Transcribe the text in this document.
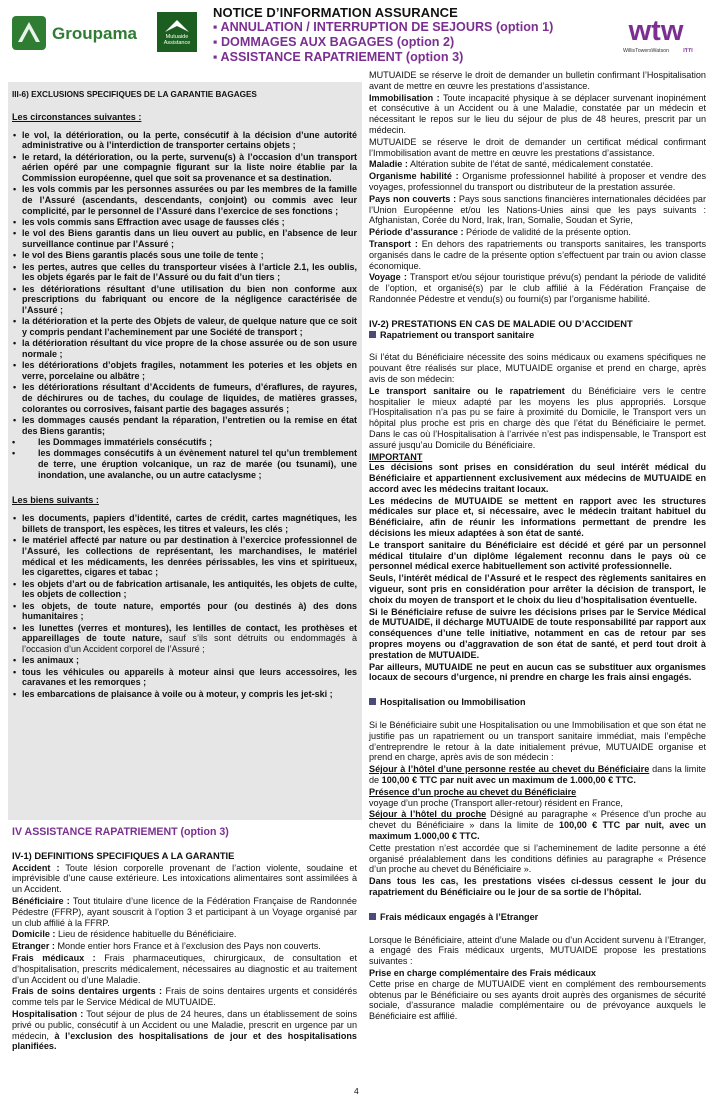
Groupama	Mutuaide
Assistance	wtw
WillisTowersWatson	I′I′I′I
NOTICE D’INFORMATION ASSURANCE
▪ ANNULATION / INTERRUPTION DE SEJOURS (option 1)
▪ DOMMAGES AUX BAGAGES (option 2)
▪ ASSISTANCE RAPATRIEMENT (option 3)
III-6) EXCLUSIONS SPECIFIQUES DE LA GARANTIE BAGAGES
Les circonstances suivantes :
• le vol, la détérioration, ou la perte, consécutif à la décision d’une autorité administrative ou à l’interdiction de transporter certains objets ;
• le retard, la détérioration, ou la perte, survenu(s) à l’occasion d’un transport aérien opéré par une compagnie figurant sur la liste noire établie par la Commission européenne, quel que soit sa provenance et sa destination.
• les vols commis par les personnes assurées ou par les membres de la famille de l’Assuré (ascendants, descendants, conjoint) ou commis avec leur complicité, par le personnel de l’Assuré dans l’exercice de ses fonctions ;
• les vols commis sans Effraction avec usage de fausses clés ;
• le vol des Biens garantis dans un lieu ouvert au public, en l’absence de leur surveillance continue par l’Assuré ;
• le vol des Biens garantis placés sous une toile de tente ;
• les pertes, autres que celles du transporteur visées à l’article 2.1, les oublis, les objets égarés par le fait de l’Assuré ou du fait d’un tiers ;
• les détériorations résultant d’une utilisation du bien non conforme aux prescriptions du fabriquant ou encore de la négligence caractérisée de l’Assuré ;
• la détérioration et la perte des Objets de valeur, de quelque nature que ce soit y compris pendant l’acheminement par une Société de transport ;
• la détérioration résultant du vice propre de la chose assurée ou de son usure normale ;
• les détériorations d’objets fragiles, notamment les poteries et les objets en verre, porcelaine ou albâtre ;
• les détériorations résultant d’Accidents de fumeurs, d’éraflures, de rayures, de déchirures ou de taches, du coulage de liquides, de matières grasses, colorantes ou corrosives, faisant partie des bagages assurés ;
• les dommages causés pendant la réparation, l’entretien ou la remise en état des Biens garantis;
• les Dommages immatériels consécutifs ;
• les dommages consécutifs à un évènement naturel tel qu’un tremblement de terre, une éruption volcanique, un raz de marée (ou tsunami), une inondation, une avalanche, ou un autre cataclysme ;
Les biens suivants :
• les documents, papiers d’identité, cartes de crédit, cartes magnétiques, les billets de transport, les espèces, les titres et valeurs, les clés ;
• le matériel affecté par nature ou par destination à l’exercice professionnel de l’Assuré, les collections de représentant, les marchandises, le matériel médical et les médicaments, les denrées périssables, les vins et spiritueux, les cigarettes, cigares et tabac ;
• les objets d’art ou de fabrication artisanale, les antiquités, les objets de culte, les objets de collection ;
• les objets, de toute nature, emportés pour (ou destinés à) des dons humanitaires ;
• les lunettes (verres et montures), les lentilles de contact, les prothèses et appareillages de toute nature, sauf s’ils sont détruits ou endommagés à l’occasion d’un Accident corporel de l’Assuré ;
• les animaux ;
• tous les véhicules ou appareils à moteur ainsi que leurs accessoires, les caravanes et les remorques ;
• les embarcations de plaisance à voile ou à moteur, y compris les jet-ski ;
IV ASSISTANCE RAPATRIEMENT (option 3)
IV-1) DEFINITIONS SPECIFIQUES A LA GARANTIE
Accident : Toute lésion corporelle provenant de l’action violente, soudaine et imprévisible d’une cause extérieure. Les intoxications alimentaires sont assimilées à un Accident.
Bénéficiaire : Tout titulaire d’une licence de la Fédération Française de Randonnée Pédestre (FFRP), ayant souscrit à l’option 3 et participant à un Voyage organisé par un club affilié à la FFRP.
Domicile : Lieu de résidence habituelle du Bénéficiaire.
Etranger : Monde entier hors France et à l’exclusion des Pays non couverts.
Frais médicaux : Frais pharmaceutiques, chirurgicaux, de consultation et d’hospitalisation, prescrits médicalement, nécessaires au diagnostic et au traitement d’un Accident ou d’une Maladie.
Frais de soins dentaires urgents : Frais de soins dentaires urgents et considérés comme tels par le Service Médical de MUTUAIDE.
Hospitalisation : Tout séjour de plus de 24 heures, dans un établissement de soins privé ou public, consécutif à un Accident ou une Maladie, prescrit en urgence par un médecin, à l’exclusion des hospitalisations de jour et des hospitalisations planifiées.
MUTUAIDE se réserve le droit de demander un bulletin confirmant l’Hospitalisation avant de mettre en œuvre les prestations d’assistance.
Immobilisation : Toute incapacité physique à se déplacer survenant inopinément et consécutive à un Accident ou à une Maladie, constatée par un médecin et nécessitant le repos sur le lieu du séjour de plus de 48 heures, prescrit par un médecin.
MUTUAIDE se réserve le droit de demander un certificat médical confirmant l’Immobilisation avant de mettre en œuvre les prestations d’assistance.
Maladie : Altération subite de l’état de santé, médicalement constatée.
Organisme habilité : Organisme professionnel habilité à proposer et vendre des voyages, professionnel du transport ou distributeur de la prestation assurée.
Pays non couverts : Pays sous sanctions financières internationales décidées par l’Union Européenne et/ou les Nations-Unies ainsi que les pays suivants : Afghanistan, Corée du Nord, Irak, Iran, Somalie, Soudan et Syrie,
Période d’assurance : Période de validité de la présente option.
Transport : En dehors des rapatriements ou transports sanitaires, les transports organisés dans le cadre de la présente option s’effectuent par train ou avion classe économique.
Voyage : Transport et/ou séjour touristique prévu(s) pendant la période de validité de l’option, et organisé(s) par le club affilié à la Fédération Française de Randonnée Pédestre et vendu(s) ou fourni(s) par l’organisme habilité.
IV-2) PRESTATIONS EN CAS DE MALADIE OU D’ACCIDENT
Rapatriement ou transport sanitaire
Si l’état du Bénéficiaire nécessite des soins médicaux ou examens spécifiques ne pouvant être réalisés sur place, MUTUAIDE organise et prend en charge, après avis de son médecin:
Le transport sanitaire ou le rapatriement du Bénéficiaire vers le centre hospitalier le mieux adapté par les moyens les plus appropriés. Lorsque l’Hospitalisation n’a pas pu se faire à proximité du Domicile, le Transport vers un hôpital plus proche est pris en charge dès que l’état du Bénéficiaire le permet. Dans le cas où l’Hospitalisation à l’arrivée n’est pas indispensable, le Transport est assuré jusqu’au Domicile du Bénéficiaire.
IMPORTANT
Les décisions sont prises en considération du seul intérêt médical du Bénéficiaire et appartiennent exclusivement aux médecins de MUTUAIDE en accord avec les médecins traitant locaux.
Les médecins de MUTUAIDE se mettent en rapport avec les structures médicales sur place et, si nécessaire, avec le médecin traitant habituel du Bénéficiaire, afin de réunir les informations permettant de prendre les décisions les mieux adaptées à son état de santé.
Le transport sanitaire du Bénéficiaire est décidé et géré par un personnel médical titulaire d’un diplôme légalement reconnu dans le pays où ce personnel médical exerce habituellement son activité professionnelle.
Seuls, l’intérêt médical de l’Assuré et le respect des règlements sanitaires en vigueur, sont pris en considération pour arrêter la décision de transport, le choix du moyen de transport et le choix du lieu d’hospitalisation éventuelle.
Si le Bénéficiaire refuse de suivre les décisions prises par le Service Médical de MUTUAIDE, il décharge MUTUAIDE de toute responsabilité par rapport aux conséquences d’une telle initiative, notamment en cas de retour par ses propres moyens ou d’aggravation de son état de santé, et perd tout droit à prestation de MUTUAIDE.
Par ailleurs, MUTUAIDE ne peut en aucun cas se substituer aux organismes locaux de secours d’urgence, ni prendre en charge les frais ainsi engagés.
Hospitalisation ou Immobilisation
Si le Bénéficiaire subit une Hospitalisation ou une Immobilisation et que son état ne justifie pas un rapatriement ou un transport sanitaire immédiat, mais l’empêche d’entreprendre le retour à la date initialement prévue, MUTUAIDE organise et prend en charge, après avis de son médecin :
Séjour à l’hôtel d’une personne restée au chevet du Bénéficiaire dans la limite de 100,00 € TTC par nuit avec un maximum de 1.000,00 € TTC.
Présence d’un proche au chevet du Bénéficiaire
voyage d’un proche (Transport aller-retour) résident en France,
Séjour à l’hôtel du proche Désigné au paragraphe « Présence d’un proche au chevet du Bénéficiaire » dans la limite de 100,00 € TTC par nuit, avec un maximum 1.000,00 € TTC.
Cette prestation n’est accordée que si l’acheminement de ladite personne a été organisé préalablement dans les conditions définies au paragraphe « Présence d’un proche au chevet du Bénéficiaire ».
Dans tous les cas, les prestations visées ci-dessus cessent le jour du rapatriement du Bénéficiaire ou le jour de sa sortie de l’hôpital.
Frais médicaux engagés à l’Etranger
Lorsque le Bénéficiaire, atteint d’une Malade ou d’un Accident survenu à l’Etranger, a engagé des Frais médicaux urgents, MUTUAIDE propose les prestations suivantes :
Prise en charge complémentaire des Frais médicaux
Cette prise en charge de MUTUAIDE vient en complément des remboursements obtenus par le Bénéficiaire ou ses ayants droit auprès des organismes de sécurité sociale, d’assurance maladie complémentaire ou de prévoyance auxquels le Bénéficiaire est affilié.
4
